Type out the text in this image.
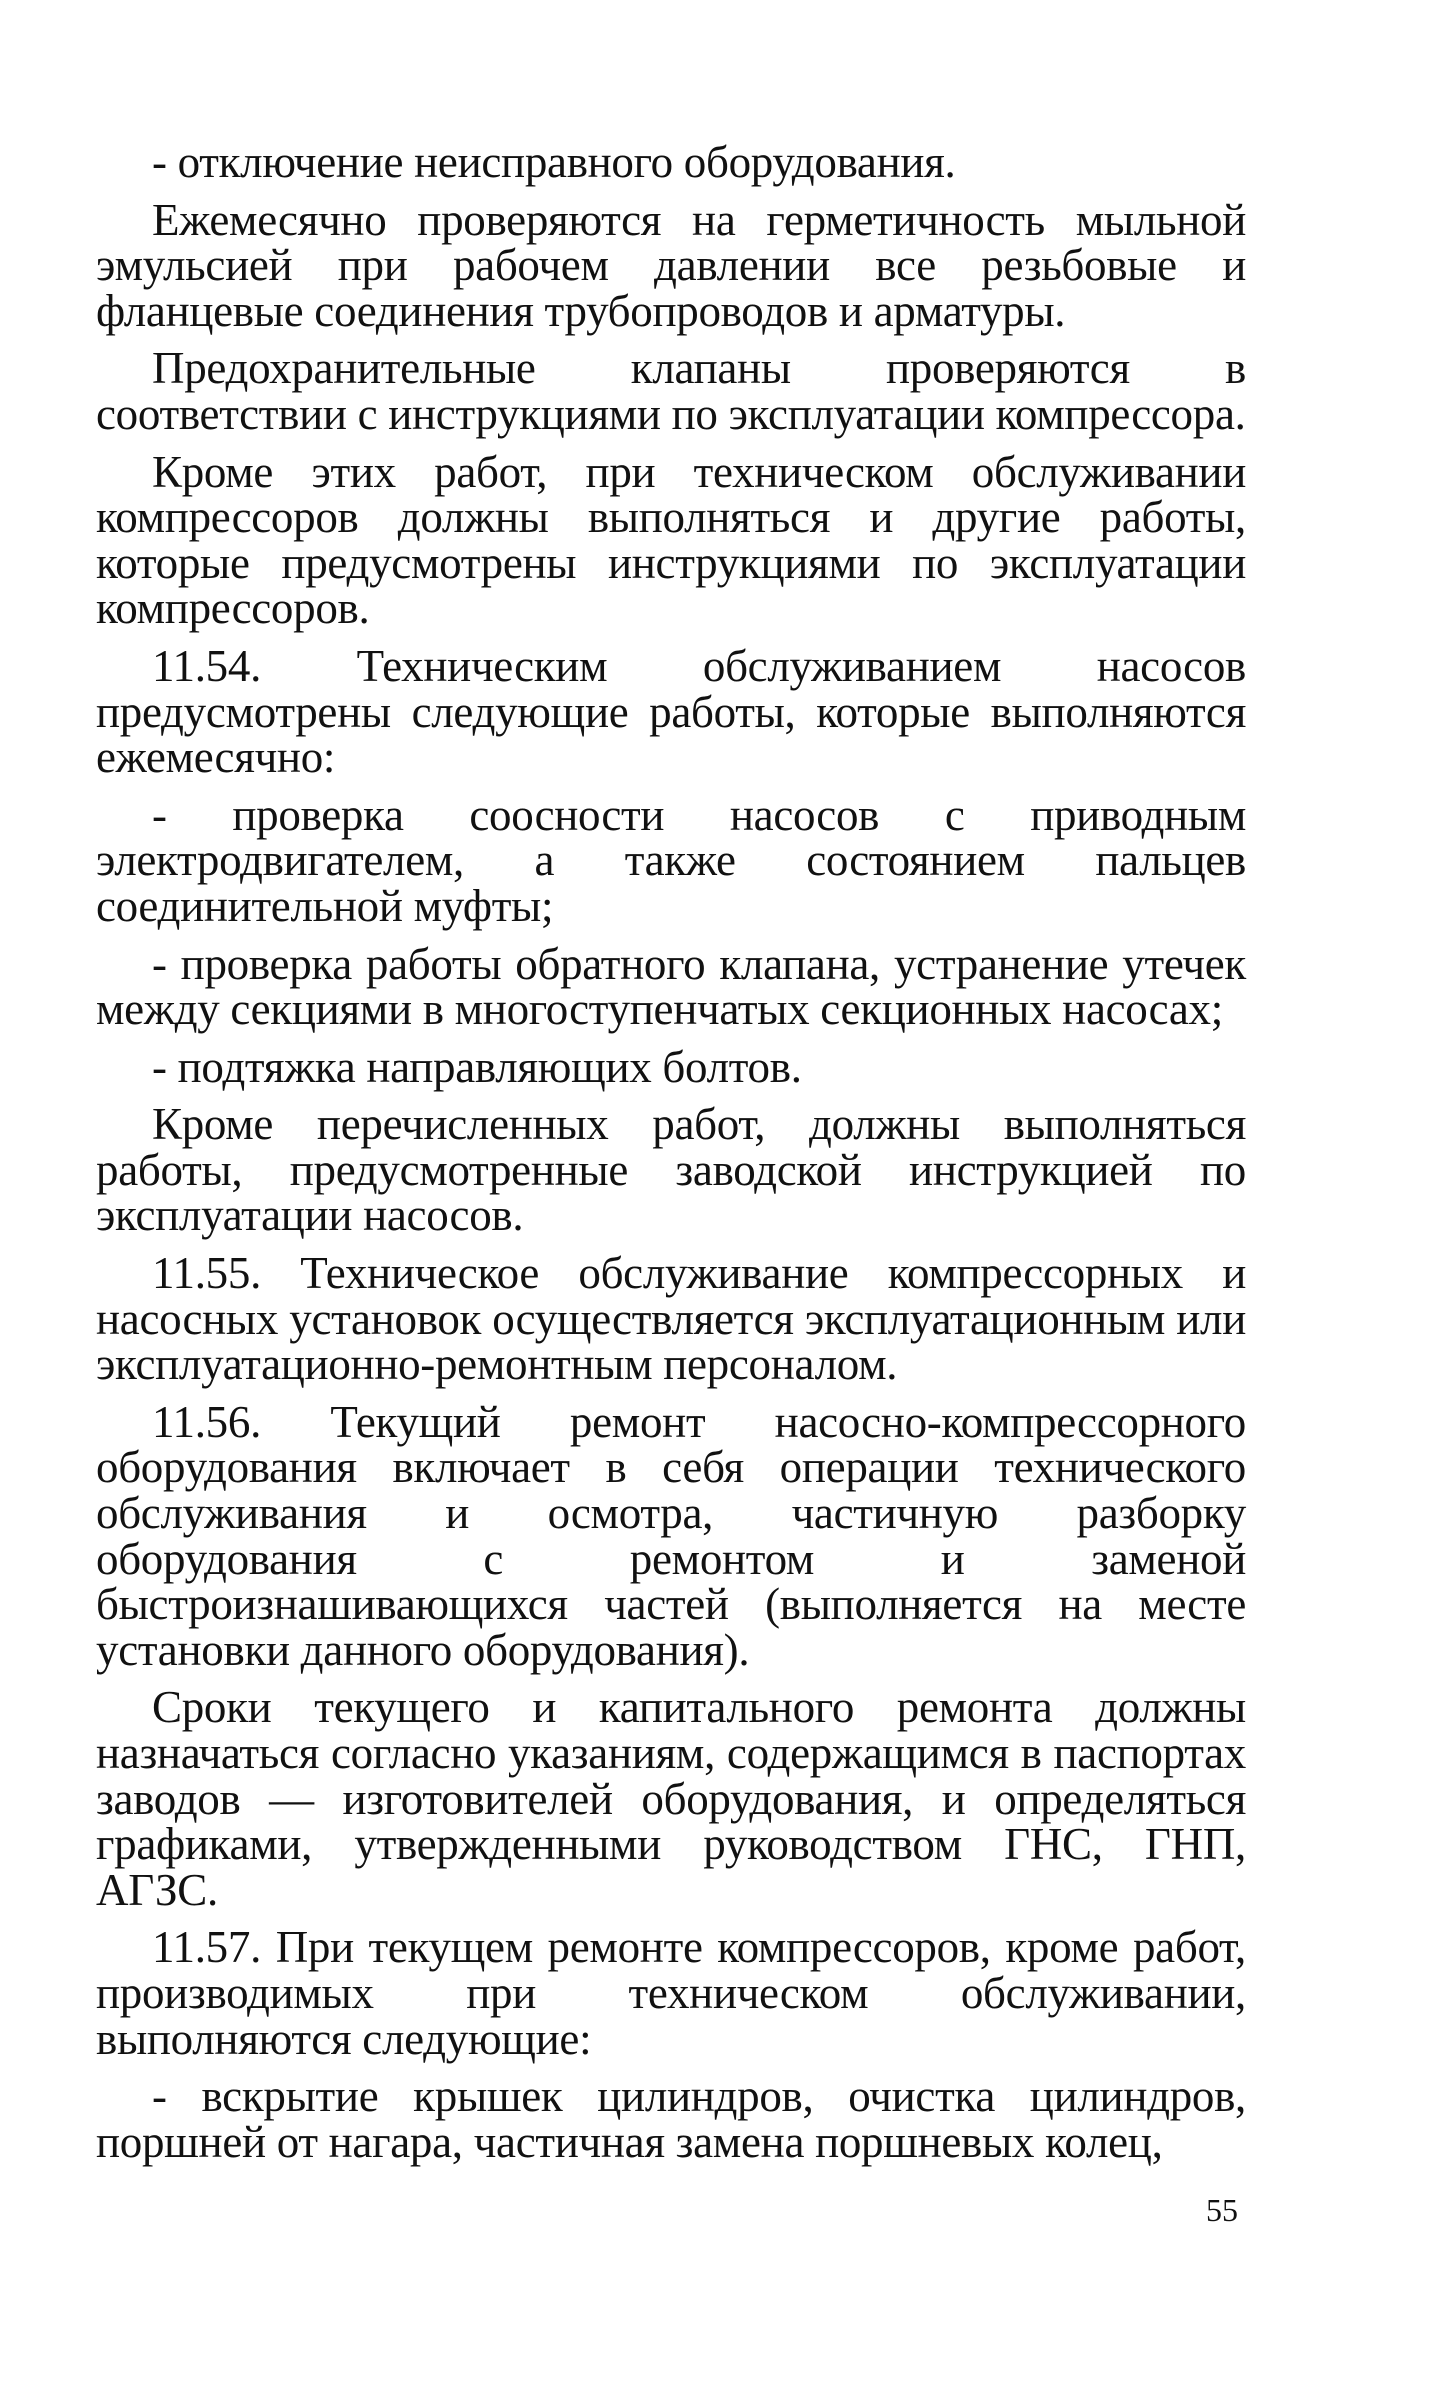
- отключение неисправного оборудования.

Ежемесячно проверяются на герметичность мыльной эмульсией при рабочем давлении все резьбовые и фланцевые соединения трубопроводов и арматуры.

Предохранительные клапаны проверяются в соответствии с инструкциями по эксплуатации компрессора.

Кроме этих работ, при техническом обслуживании компрессоров должны выполняться и другие работы, которые предусмотрены инструкциями по эксплуатации компрессоров.

11.54. Техническим обслуживанием насосов предусмотрены следующие работы, которые выполняются ежемесячно:

- проверка соосности насосов с приводным электродвигателем, а также состоянием пальцев соединительной муфты;

- проверка работы обратного клапана, устранение утечек между секциями в многоступенчатых секционных насосах;

- подтяжка направляющих болтов.

Кроме перечисленных работ, должны выполняться работы, предусмотренные заводской инструкцией по эксплуатации насосов.

11.55. Техническое обслуживание компрессорных и насосных установок осуществляется эксплуатационным или эксплуатационно-ремонтным персоналом.

11.56. Текущий ремонт насосно-компрессорного оборудования включает в себя операции технического обслуживания и осмотра, частичную разборку оборудования с ремонтом и заменой быстроизнашивающихся частей (выполняется на месте установки данного оборудования).

Сроки текущего и капитального ремонта должны назначаться согласно указаниям, содержащимся в паспортах заводов — изготовителей оборудования, и определяться графиками, утвержденными руководством ГНС, ГНП, АГЗС.

11.57. При текущем ремонте компрессоров, кроме работ, производимых при техническом обслуживании, выполняются следующие:

- вскрытие крышек цилиндров, очистка цилиндров, поршней от нагара, частичная замена поршневых колец,

55
